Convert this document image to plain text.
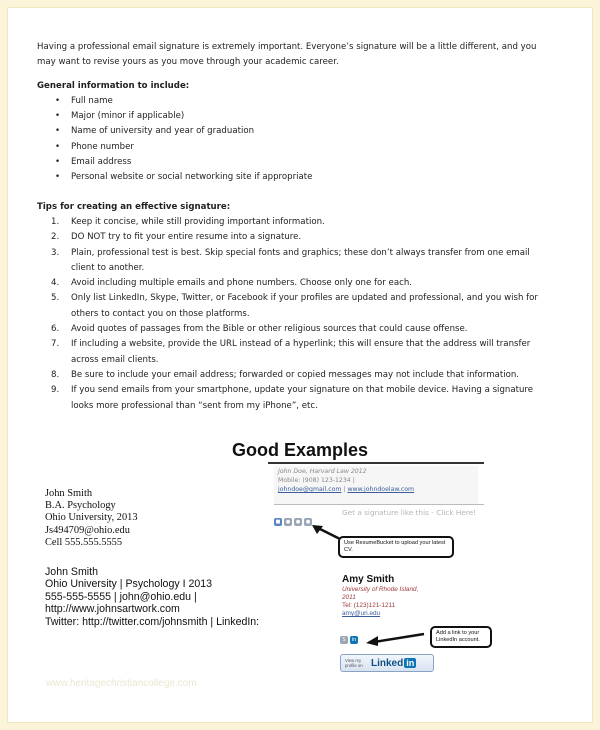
Having a professional email signature is extremely important. Everyone’s signature will be a little different, and you may want to revise yours as you move through your academic career.

General information to include:

• Full name
• Major (minor if applicable)
• Name of university and year of graduation
• Phone number
• Email address
• Personal website or social networking site if appropriate

Tips for creating an effective signature:

1. Keep it concise, while still providing important information.
2. DO NOT try to fit your entire resume into a signature.
3. Plain, professional test is best. Skip special fonts and graphics; these don’t always transfer from one email client to another.
4. Avoid including multiple emails and phone numbers. Choose only one for each.
5. Only list LinkedIn, Skype, Twitter, or Facebook if your profiles are updated and professional, and you wish for others to contact you on those platforms.
6. Avoid quotes of passages from the Bible or other religious sources that could cause offense.
7. If including a website, provide the URL instead of a hyperlink; this will ensure that the address will transfer across email clients.
8. Be sure to include your email address; forwarded or copied messages may not include that information.
9. If you send emails from your smartphone, update your signature on that mobile device. Having a signature looks more professional than “sent from my iPhone”, etc.
Good Examples
John Smith
B.A. Psychology
Ohio University, 2013
Js494709@ohio.edu
Cell 555.555.5555
John Smith
Ohio University | Psychology I 2013
555-555-5555 | john@ohio.edu |
http://www.johnsartwork.com
Twitter: http://twitter.com/johnsmith | LinkedIn:
John Doe, Harvard Law 2012
Mobile: (908) 123-1234 |
johndoe@gmail.com | www.johndoelaw.com
■	●	●	●
Get a signature like this - Click Here!
Use ResumeBucket to upload your latest CV.
Amy Smith
University of Rhode Island,
2011
Tel: (123)121-1211
amy@uri.edu
S	in
Add a link to your LinkedIn account.
View my profile on Linked in
www.heritagechristiancollege.com
